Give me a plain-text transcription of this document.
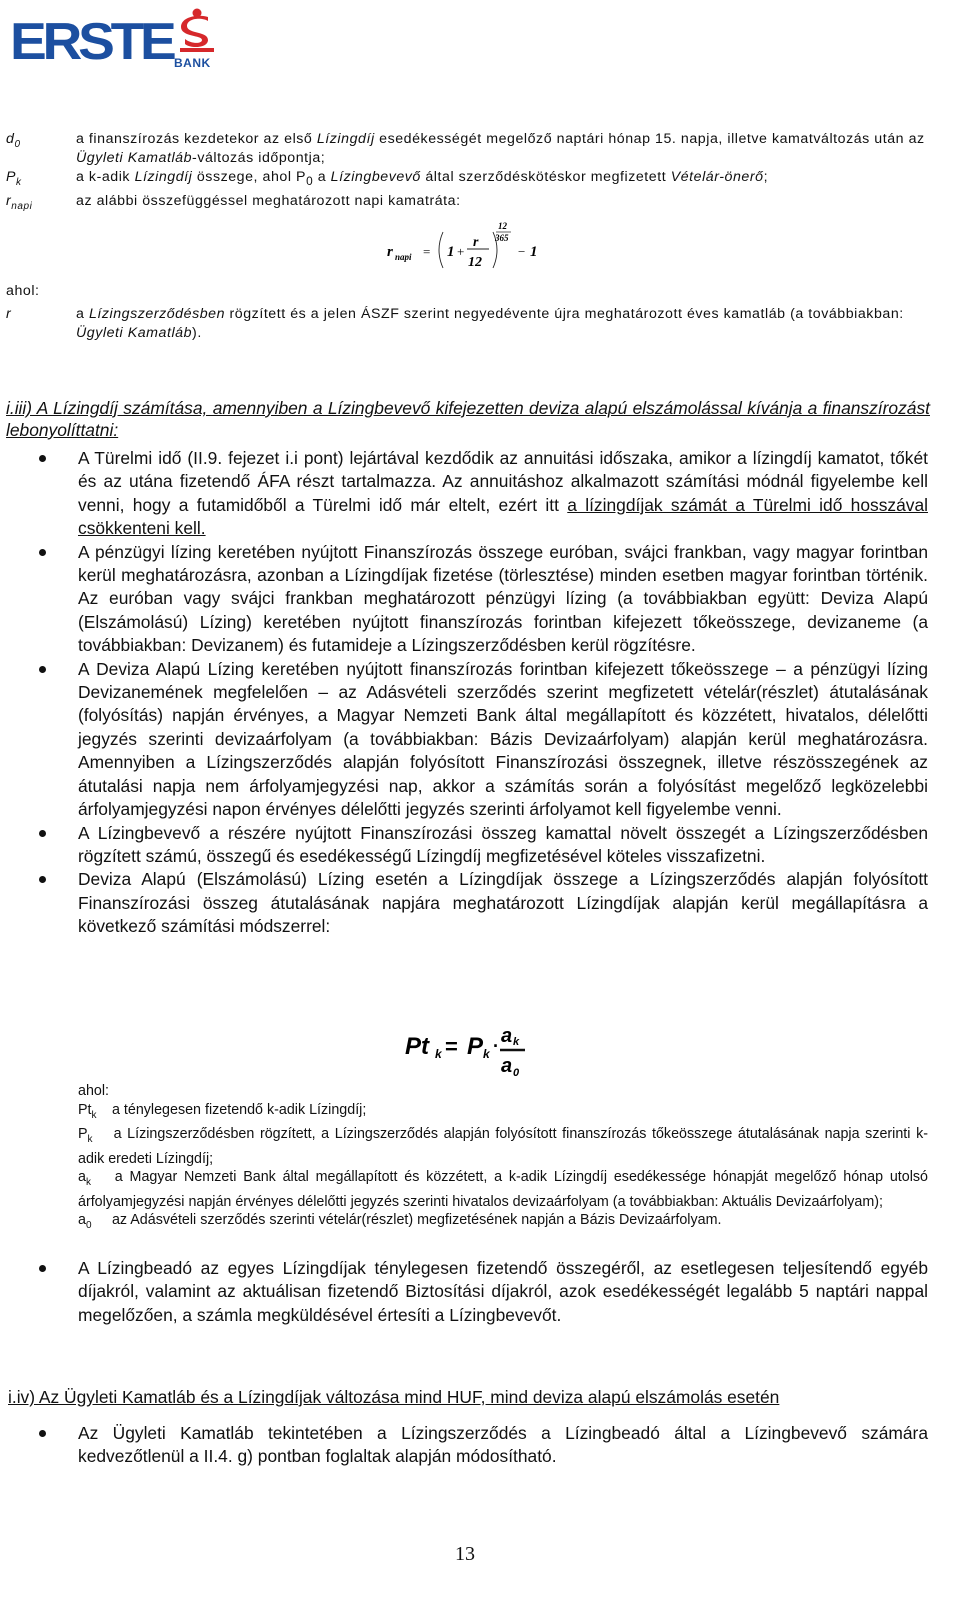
ERSTE BANK
$d_0$	a finanszírozás kezdetekor az első Lízingdíj esedékességét megelőző naptári hónap 15. napja, illetve kamatváltozás után az Ügyleti Kamatláb-változás időpontja;
$P_k$	a k-adik Lízingdíj összege, ahol $P_0$ a Lízingbevevő által szerződéskötéskor megfizetett Vételár-önerő;
$r_{napi}$	az alábbi összefüggéssel meghatározott napi kamatráta:
r napi = 1 +
r
12
12
365
− 1
ahol:
r	a Lízingszerződésben rögzített és a jelen ÁSZF szerint negyedévente újra meghatározott éves kamatláb (a továbbiakban: Ügyleti Kamatláb).
i.iii) A Lízingdíj számítása, amennyiben a Lízingbevevő kifejezetten deviza alapú elszámolással kívánja a finanszírozást lebonyolíttatni:
A Türelmi idő (II.9. fejezet i.i pont) lejártával kezdődik az annuitási időszaka, amikor a lízingdíj kamatot, tőkét és az utána fizetendő ÁFA részt tartalmazza. Az annuitáshoz alkalmazott számítási módnál figyelembe kell venni, hogy a futamidőből a Türelmi idő már eltelt, ezért itt a lízingdíjak számát a Türelmi idő hosszával csökkenteni kell.
A pénzügyi lízing keretében nyújtott Finanszírozás összege euróban, svájci frankban, vagy magyar forintban kerül meghatározásra, azonban a Lízingdíjak fizetése (törlesztése) minden esetben magyar forintban történik. Az euróban vagy svájci frankban meghatározott pénzügyi lízing (a továbbiakban együtt: Deviza Alapú (Elszámolású) Lízing) keretében nyújtott finanszírozás forintban kifejezett tőkeösszege, devizaneme (a továbbiakban: Devizanem) és futamideje a Lízingszerződésben kerül rögzítésre.
A Deviza Alapú Lízing keretében nyújtott finanszírozás forintban kifejezett tőkeösszege – a pénzügyi lízing Devizanemének megfelelően – az Adásvételi szerződés szerint megfizetett vételár(részlet) átutalásának (folyósítás) napján érvényes, a Magyar Nemzeti Bank által megállapított és közzétett, hivatalos, délelőtti jegyzés szerinti devizaárfolyam (a továbbiakban: Bázis Devizaárfolyam) alapján kerül meghatározásra. Amennyiben a Lízingszerződés alapján folyósított Finanszírozási összegnek, illetve részösszegének az átutalási napja nem árfolyamjegyzési nap, akkor a számítás során a folyósítást megelőző legközelebbi árfolyamjegyzési napon érvényes délelőtti jegyzés szerinti árfolyamot kell figyelembe venni.
A Lízingbevevő a részére nyújtott Finanszírozási összeg kamattal növelt összegét a Lízingszerződésben rögzített számú, összegű és esedékességű Lízingdíj megfizetésével köteles visszafizetni.
Deviza Alapú (Elszámolású) Lízing esetén a Lízingdíjak összege a Lízingszerződés alapján folyósított Finanszírozási összeg átutalásának napjára meghatározott Lízingdíjak alapján kerül megállapításra a következő számítási módszerrel:
Pt k = P k · a k
a 0

ahol:

$Pt_k$ a ténylegesen fizetendő k-adik Lízingdíj;

$P_k$ a Lízingszerződésben rögzített, a Lízingszerződés alapján folyósított finanszírozás tőkeösszege átutalásának napja szerinti k-adik eredeti Lízingdíj;

$a_k$ a Magyar Nemzeti Bank által megállapított és közzétett, a k-adik Lízingdíj esedékessége hónapját megelőző hónap utolsó árfolyamjegyzési napján érvényes délelőtti jegyzés szerinti hivatalos devizaárfolyam (a továbbiakban: Aktuális Devizaárfolyam);

$a_0$ az Adásvételi szerződés szerinti vételár(részlet) megfizetésének napján a Bázis Devizaárfolyam.

A Lízingbeadó az egyes Lízingdíjak ténylegesen fizetendő összegéről, az esetlegesen teljesítendő egyéb díjakról, valamint az aktuálisan fizetendő Biztosítási díjakról, azok esedékességét legalább 5 naptári nappal megelőzően, a számla megküldésével értesíti a Lízingbevevőt.
i.iv) Az Ügyleti Kamatláb és a Lízingdíjak változása mind HUF, mind deviza alapú elszámolás esetén
Az Ügyleti Kamatláb tekintetében a Lízingszerződés a Lízingbeadó által a Lízingbevevő számára kedvezőtlenül a II.4. g) pontban foglaltak alapján módosítható.
13
